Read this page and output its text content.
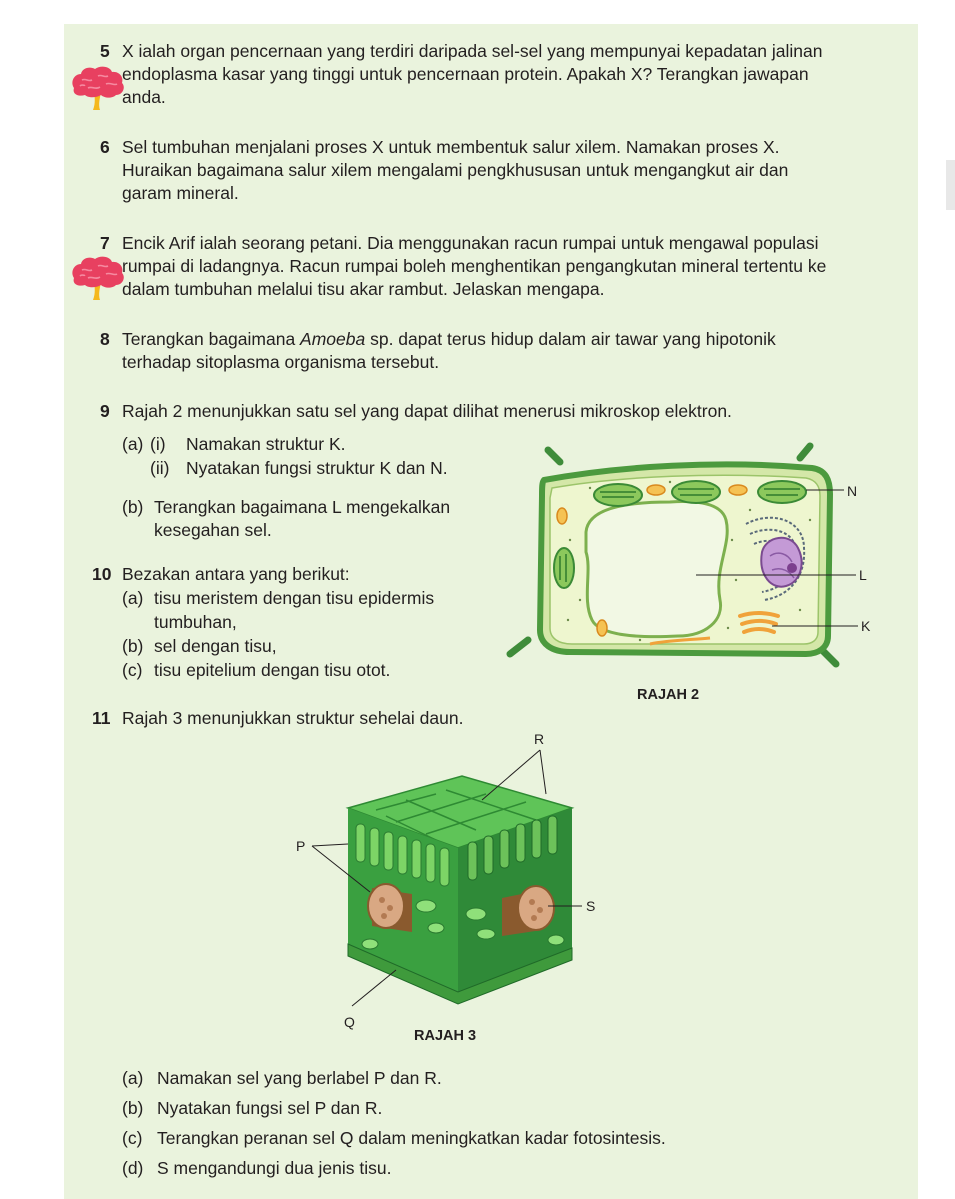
5 X ialah organ pencernaan yang terdiri daripada sel-sel yang mempunyai kepadatan jalinan
endoplasma kasar yang tinggi untuk pencernaan protein. Apakah X? Terangkan jawapan
anda.
6 Sel tumbuhan menjalani proses X untuk membentuk salur xilem. Namakan proses X.
Huraikan bagaimana salur xilem mengalami pengkhususan untuk mengangkut air dan
garam mineral.
7 Encik Arif ialah seorang petani. Dia menggunakan racun rumpai untuk mengawal populasi
rumpai di ladangnya. Racun rumpai boleh menghentikan pengangkutan mineral tertentu ke
dalam tumbuhan melalui tisu akar rambut. Jelaskan mengapa.
8 Terangkan bagaimana Amoeba sp. dapat terus hidup dalam air tawar yang hipotonik
terhadap sitoplasma organisma tersebut.
9 Rajah 2 menunjukkan satu sel yang dapat dilihat menerusi mikroskop elektron.
(a) (i) Namakan struktur K.
(ii) Nyatakan fungsi struktur K dan N.
(b) Terangkan bagaimana L mengekalkan
kesegahan sel.
10 Bezakan antara yang berikut:
(a) tisu meristem dengan tisu epidermis
tumbuhan,
(b) sel dengan tisu,
(c) tisu epitelium dengan tisu otot.
N
L
K
RAJAH 2
11 Rajah 3 menunjukkan struktur sehelai daun.
R
P
S
Q
RAJAH 3
(a) Namakan sel yang berlabel P dan R.
(b) Nyatakan fungsi sel P dan R.
(c) Terangkan peranan sel Q dalam meningkatkan kadar fotosintesis.
(d) S mengandungi dua jenis tisu.
